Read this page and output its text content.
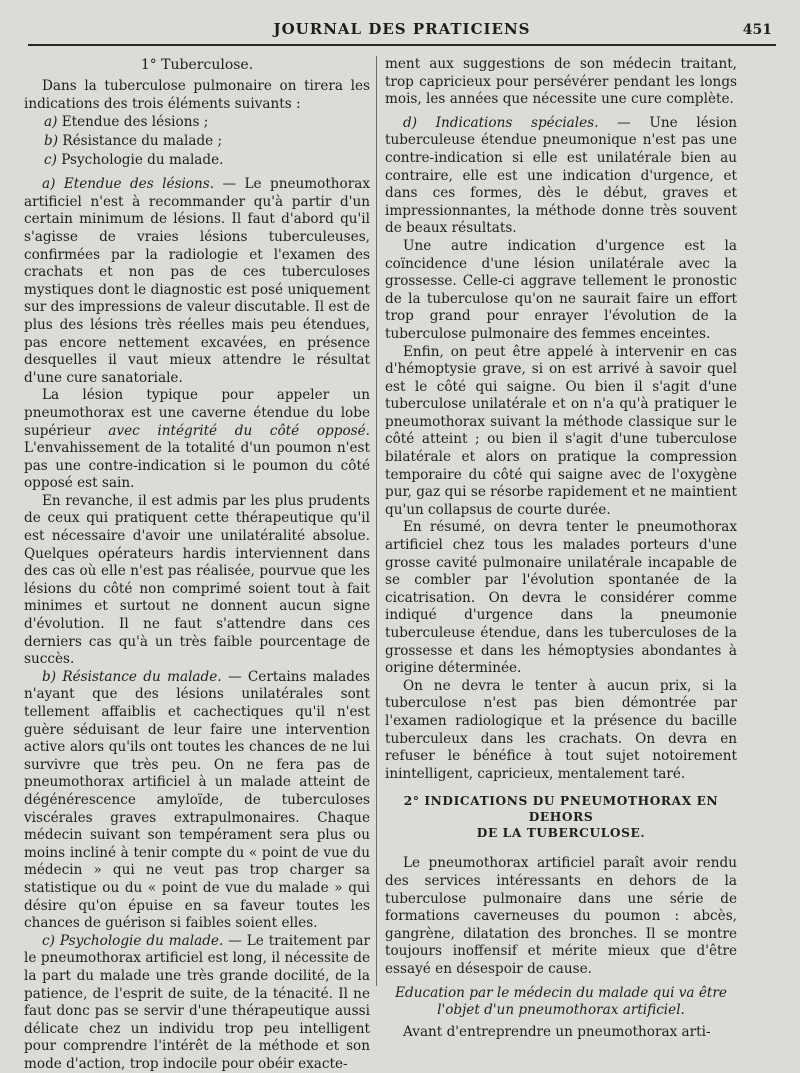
JOURNAL DES PRATICIENS	451
1° Tuberculose.

Dans la tuberculose pulmonaire on tirera les indications des trois éléments suivants :

a) Etendue des lésions ;
b) Résistance du malade ;
c) Psychologie du malade.

a) Etendue des lésions. — Le pneumothorax artificiel n'est à recommander qu'à partir d'un certain minimum de lésions. Il faut d'abord qu'il s'agisse de vraies lésions tuberculeuses, confirmées par la radiologie et l'examen des crachats et non pas de ces tuberculoses mystiques dont le diagnostic est posé uniquement sur des impressions de valeur discutable. Il est de plus des lésions très réelles mais peu étendues, pas encore nettement excavées, en présence desquelles il vaut mieux attendre le résultat d'une cure sanatoriale.

La lésion typique pour appeler un pneumothorax est une caverne étendue du lobe supérieur avec intégrité du côté opposé. L'envahissement de la totalité d'un poumon n'est pas une contre-indication si le poumon du côté opposé est sain.

En revanche, il est admis par les plus prudents de ceux qui pratiquent cette thérapeutique qu'il est nécessaire d'avoir une unilatéralité absolue. Quelques opérateurs hardis interviennent dans des cas où elle n'est pas réalisée, pourvue que les lésions du côté non comprimé soient tout à fait minimes et surtout ne donnent aucun signe d'évolution. Il ne faut s'attendre dans ces derniers cas qu'à un très faible pourcentage de succès.

b) Résistance du malade. — Certains malades n'ayant que des lésions unilatérales sont tellement affaiblis et cachectiques qu'il n'est guère séduisant de leur faire une intervention active alors qu'ils ont toutes les chances de ne lui survivre que très peu. On ne fera pas de pneumothorax artificiel à un malade atteint de dégénérescence amyloïde, de tuberculoses viscérales graves extrapulmonaires. Chaque médecin suivant son tempérament sera plus ou moins incliné à tenir compte du « point de vue du médecin » qui ne veut pas trop charger sa statistique ou du « point de vue du malade » qui désire qu'on épuise en sa faveur toutes les chances de guérison si faibles soient elles.

c) Psychologie du malade. — Le traitement par le pneumothorax artificiel est long, il nécessite de la part du malade une très grande docilité, de la patience, de l'esprit de suite, de la ténacité. Il ne faut donc pas se servir d'une thérapeutique aussi délicate chez un individu trop peu intelligent pour comprendre l'intérêt de la méthode et son mode d'action, trop indocile pour obéir exacte-

ment aux suggestions de son médecin traitant, trop capricieux pour persévérer pendant les longs mois, les années que nécessite une cure complète.

d) Indications spéciales. — Une lésion tuberculeuse étendue pneumonique n'est pas une contre-indication si elle est unilatérale bien au contraire, elle est une indication d'urgence, et dans ces formes, dès le début, graves et impressionnantes, la méthode donne très souvent de beaux résultats.

Une autre indication d'urgence est la coïncidence d'une lésion unilatérale avec la grossesse. Celle-ci aggrave tellement le pronostic de la tuberculose qu'on ne saurait faire un effort trop grand pour enrayer l'évolution de la tuberculose pulmonaire des femmes enceintes.

Enfin, on peut être appelé à intervenir en cas d'hémoptysie grave, si on est arrivé à savoir quel est le côté qui saigne. Ou bien il s'agit d'une tuberculose unilatérale et on n'a qu'à pratiquer le pneumothorax suivant la méthode classique sur le côté atteint ; ou bien il s'agit d'une tuberculose bilatérale et alors on pratique la compression temporaire du côté qui saigne avec de l'oxygène pur, gaz qui se résorbe rapidement et ne maintient qu'un collapsus de courte durée.

En résumé, on devra tenter le pneumothorax artificiel chez tous les malades porteurs d'une grosse cavité pulmonaire unilatérale incapable de se combler par l'évolution spontanée de la cicatrisation. On devra le considérer comme indiqué d'urgence dans la pneumonie tuberculeuse étendue, dans les tuberculoses de la grossesse et dans les hémoptysies abondantes à origine déterminée.

On ne devra le tenter à aucun prix, si la tuberculose n'est pas bien démontrée par l'examen radiologique et la présence du bacille tuberculeux dans les crachats. On devra en refuser le bénéfice à tout sujet notoirement inintelligent, capricieux, mentalement taré.

2° INDICATIONS DU PNEUMOTHORAX EN DEHORS
DE LA TUBERCULOSE.

Le pneumothorax artificiel paraît avoir rendu des services intéressants en dehors de la tuberculose pulmonaire dans une série de formations caverneuses du poumon : abcès, gangrène, dilatation des bronches. Il se montre toujours inoffensif et mérite mieux que d'être essayé en désespoir de cause.

Education par le médecin du malade qui va être
l'objet d'un pneumothorax artificiel.

Avant d'entreprendre un pneumothorax arti-
